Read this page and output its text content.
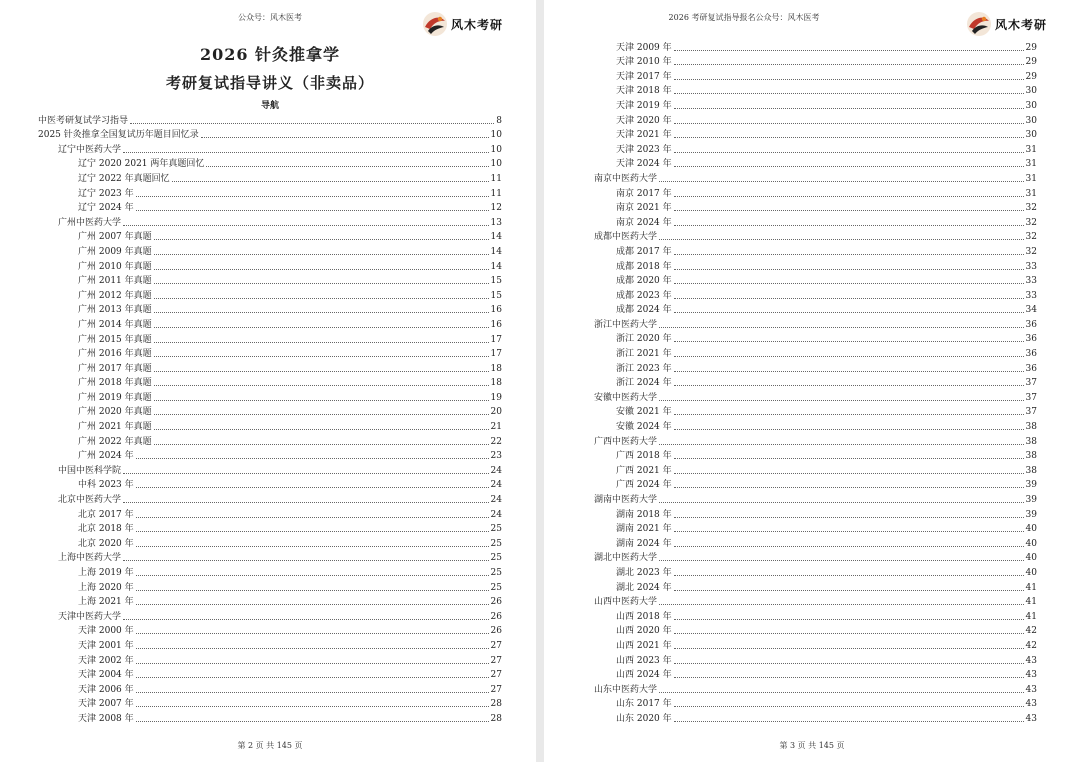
公众号：风木医考	风木考研
2026 针灸推拿学
考研复试指导讲义（非卖品）
导航
中医考研复试学习指导	8
2025 针灸推拿全国复试历年题目回忆录	10
辽宁中医药大学	10
辽宁 2020 2021 两年真题回忆	10
辽宁 2022 年真题回忆	11
辽宁 2023 年	11
辽宁 2024 年	12
广州中医药大学	13
广州 2007 年真题	14
广州 2009 年真题	14
广州 2010 年真题	14
广州 2011 年真题	15
广州 2012 年真题	15
广州 2013 年真题	16
广州 2014 年真题	16
广州 2015 年真题	17
广州 2016 年真题	17
广州 2017 年真题	18
广州 2018 年真题	18
广州 2019 年真题	19
广州 2020 年真题	20
广州 2021 年真题	21
广州 2022 年真题	22
广州 2024 年	23
中国中医科学院	24
中科 2023 年	24
北京中医药大学	24
北京 2017 年	24
北京 2018 年	25
北京 2020 年	25
上海中医药大学	25
上海 2019 年	25
上海 2020 年	25
上海 2021 年	26
天津中医药大学	26
天津 2000 年	26
天津 2001 年	27
天津 2002 年	27
天津 2004 年	27
天津 2006 年	27
天津 2007 年	28
天津 2008 年	28
第 2 页 共 145 页
2026 考研复试指导报名公众号：风木医考	风木考研
天津 2009 年	29
天津 2010 年	29
天津 2017 年	29
天津 2018 年	30
天津 2019 年	30
天津 2020 年	30
天津 2021 年	30
天津 2023 年	31
天津 2024 年	31
南京中医药大学	31
南京 2017 年	31
南京 2021 年	32
南京 2024 年	32
成都中医药大学	32
成都 2017 年	32
成都 2018 年	33
成都 2020 年	33
成都 2023 年	33
成都 2024 年	34
浙江中医药大学	36
浙江 2020 年	36
浙江 2021 年	36
浙江 2023 年	36
浙江 2024 年	37
安徽中医药大学	37
安徽 2021 年	37
安徽 2024 年	38
广西中医药大学	38
广西 2018 年	38
广西 2021 年	38
广西 2024 年	39
湖南中医药大学	39
湖南 2018 年	39
湖南 2021 年	40
湖南 2024 年	40
湖北中医药大学	40
湖北 2023 年	40
湖北 2024 年	41
山西中医药大学	41
山西 2018 年	41
山西 2020 年	42
山西 2021 年	42
山西 2023 年	43
山西 2024 年	43
山东中医药大学	43
山东 2017 年	43
山东 2020 年	43
第 3 页 共 145 页
